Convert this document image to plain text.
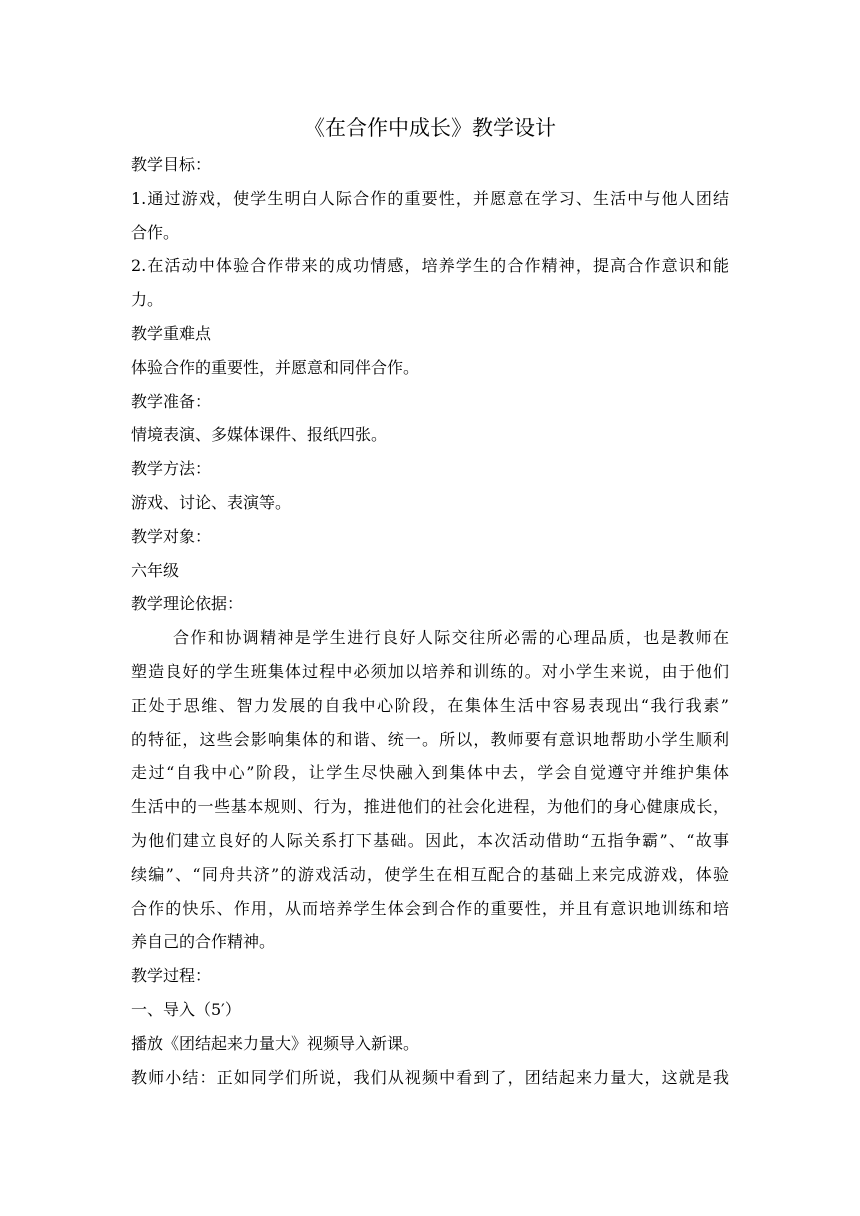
《在合作中成长》教学设计
教学目标：
1.通过游戏，使学生明白人际合作的重要性，并愿意在学习、生活中与他人团结
合作。
2.在活动中体验合作带来的成功情感，培养学生的合作精神，提高合作意识和能
力。
教学重难点
体验合作的重要性，并愿意和同伴合作。
教学准备：
情境表演、多媒体课件、报纸四张。
教学方法：
游戏、讨论、表演等。
教学对象：
六年级
教学理论依据：
合作和协调精神是学生进行良好人际交往所必需的心理品质，也是教师在
塑造良好的学生班集体过程中必须加以培养和训练的。对小学生来说，由于他们
正处于思维、智力发展的自我中心阶段，在集体生活中容易表现出“我行我素”
的特征，这些会影响集体的和谐、统一。所以，教师要有意识地帮助小学生顺利
走过“自我中心”阶段，让学生尽快融入到集体中去，学会自觉遵守并维护集体
生活中的一些基本规则、行为，推进他们的社会化进程，为他们的身心健康成长，
为他们建立良好的人际关系打下基础。因此，本次活动借助“五指争霸”、“故事
续编”、“同舟共济”的游戏活动，使学生在相互配合的基础上来完成游戏，体验
合作的快乐、作用，从而培养学生体会到合作的重要性，并且有意识地训练和培
养自己的合作精神。
教学过程：
一、导入（5′）
播放《团结起来力量大》视频导入新课。
教师小结：正如同学们所说，我们从视频中看到了，团结起来力量大，这就是我
